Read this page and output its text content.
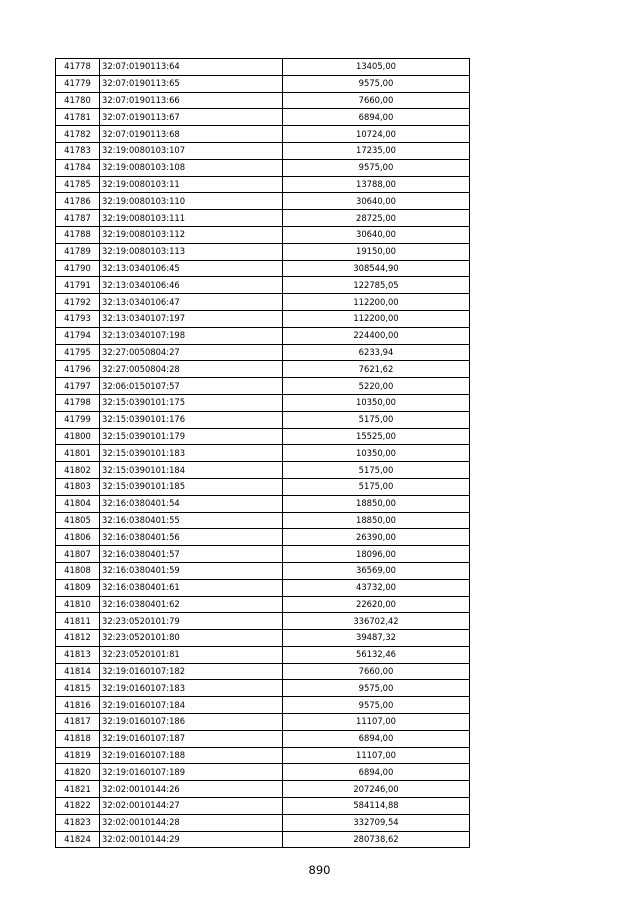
41778	32:07:0190113:64	13405,00
41779	32:07:0190113:65	9575,00
41780	32:07:0190113:66	7660,00
41781	32:07:0190113:67	6894,00
41782	32:07:0190113:68	10724,00
41783	32:19:0080103:107	17235,00
41784	32:19:0080103:108	9575,00
41785	32:19:0080103:11	13788,00
41786	32:19:0080103:110	30640,00
41787	32:19:0080103:111	28725,00
41788	32:19:0080103:112	30640,00
41789	32:19:0080103:113	19150,00
41790	32:13:0340106:45	308544,90
41791	32:13:0340106:46	122785,05
41792	32:13:0340106:47	112200,00
41793	32:13:0340107:197	112200,00
41794	32:13:0340107:198	224400,00
41795	32:27:0050804:27	6233,94
41796	32:27:0050804:28	7621,62
41797	32:06:0150107:57	5220,00
41798	32:15:0390101:175	10350,00
41799	32:15:0390101:176	5175,00
41800	32:15:0390101:179	15525,00
41801	32:15:0390101:183	10350,00
41802	32:15:0390101:184	5175,00
41803	32:15:0390101:185	5175,00
41804	32:16:0380401:54	18850,00
41805	32:16:0380401:55	18850,00
41806	32:16:0380401:56	26390,00
41807	32:16:0380401:57	18096,00
41808	32:16:0380401:59	36569,00
41809	32:16:0380401:61	43732,00
41810	32:16:0380401:62	22620,00
41811	32:23:0520101:79	336702,42
41812	32:23:0520101:80	39487,32
41813	32:23:0520101:81	56132,46
41814	32:19:0160107:182	7660,00
41815	32:19:0160107:183	9575,00
41816	32:19:0160107:184	9575,00
41817	32:19:0160107:186	11107,00
41818	32:19:0160107:187	6894,00
41819	32:19:0160107:188	11107,00
41820	32:19:0160107:189	6894,00
41821	32:02:0010144:26	207246,00
41822	32:02:0010144:27	584114,88
41823	32:02:0010144:28	332709,54
41824	32:02:0010144:29	280738,62
890
